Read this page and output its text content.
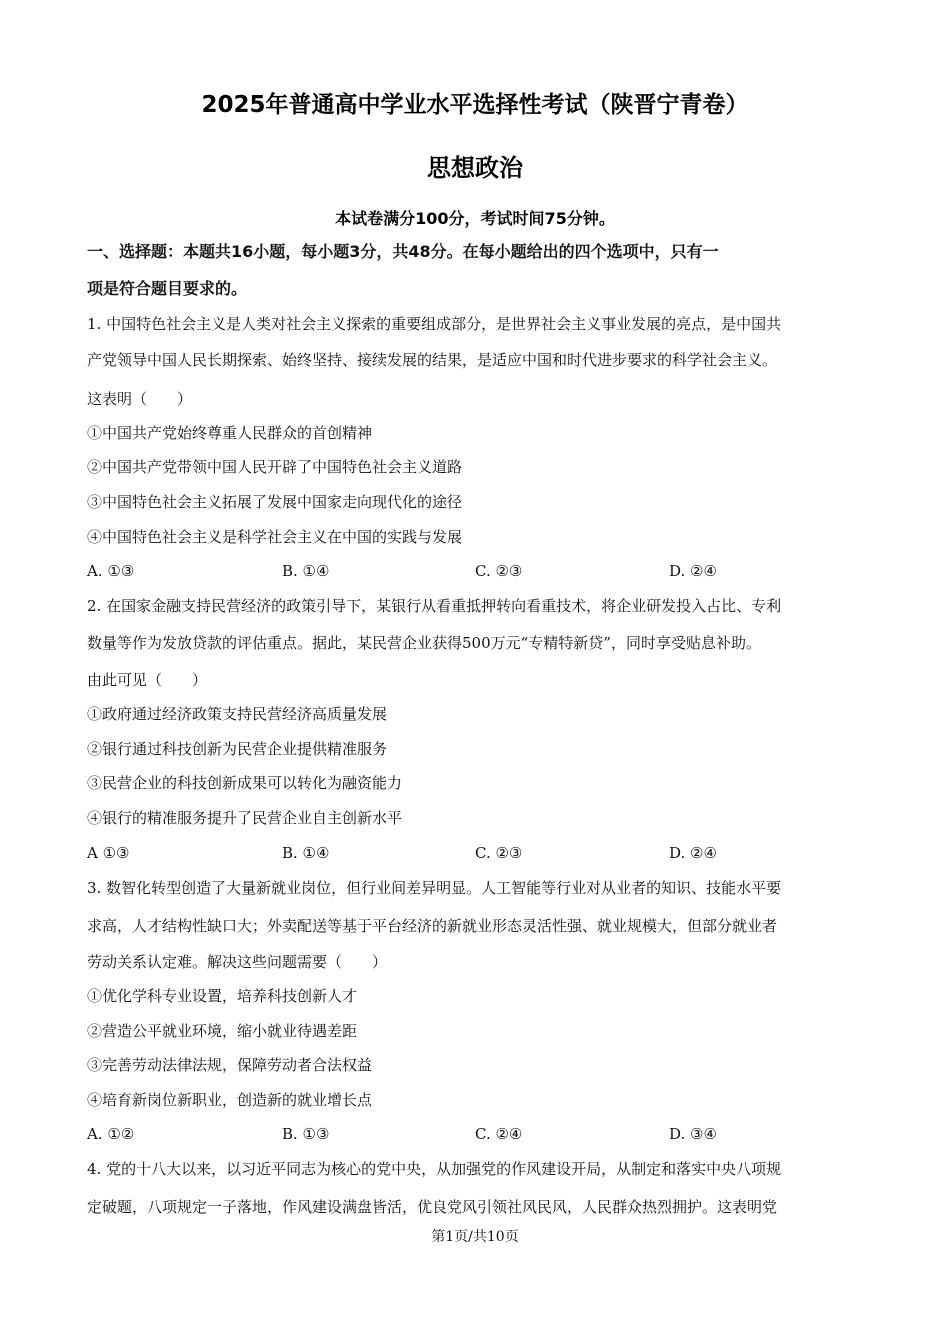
2025年普通高中学业水平选择性考试（陕晋宁青卷）
思想政治
本试卷满分100分，考试时间75分钟。
一、选择题：本题共16小题，每小题3分，共48分。在每小题给出的四个选项中，只有一
项是符合题目要求的。
1. 中国特色社会主义是人类对社会主义探索的重要组成部分，是世界社会主义事业发展的亮点，是中国共
产党领导中国人民长期探索、始终坚持、接续发展的结果，是适应中国和时代进步要求的科学社会主义。
这表明（　　）
①中国共产党始终尊重人民群众的首创精神
②中国共产党带领中国人民开辟了中国特色社会主义道路
③中国特色社会主义拓展了发展中国家走向现代化的途径
④中国特色社会主义是科学社会主义在中国的实践与发展
A. ①③	B. ①④	C. ②③	D. ②④
2. 在国家金融支持民营经济的政策引导下，某银行从看重抵押转向看重技术，将企业研发投入占比、专利
数量等作为发放贷款的评估重点。据此，某民营企业获得500万元“专精特新贷”，同时享受贴息补助。
由此可见（　　）
①政府通过经济政策支持民营经济高质量发展
②银行通过科技创新为民营企业提供精准服务
③民营企业的科技创新成果可以转化为融资能力
④银行的精准服务提升了民营企业自主创新水平
A ①③	B. ①④	C. ②③	D. ②④
3. 数智化转型创造了大量新就业岗位，但行业间差异明显。人工智能等行业对从业者的知识、技能水平要
求高，人才结构性缺口大；外卖配送等基于平台经济的新就业形态灵活性强、就业规模大，但部分就业者
劳动关系认定难。解决这些问题需要（　　）
①优化学科专业设置，培养科技创新人才
②营造公平就业环境，缩小就业待遇差距
③完善劳动法律法规，保障劳动者合法权益
④培育新岗位新职业，创造新的就业增长点
A. ①②	B. ①③	C. ②④	D. ③④
4. 党的十八大以来，以习近平同志为核心的党中央，从加强党的作风建设开局，从制定和落实中央八项规
定破题，八项规定一子落地，作风建设满盘皆活，优良党风引领社风民风，人民群众热烈拥护。这表明党
第1页/共10页
